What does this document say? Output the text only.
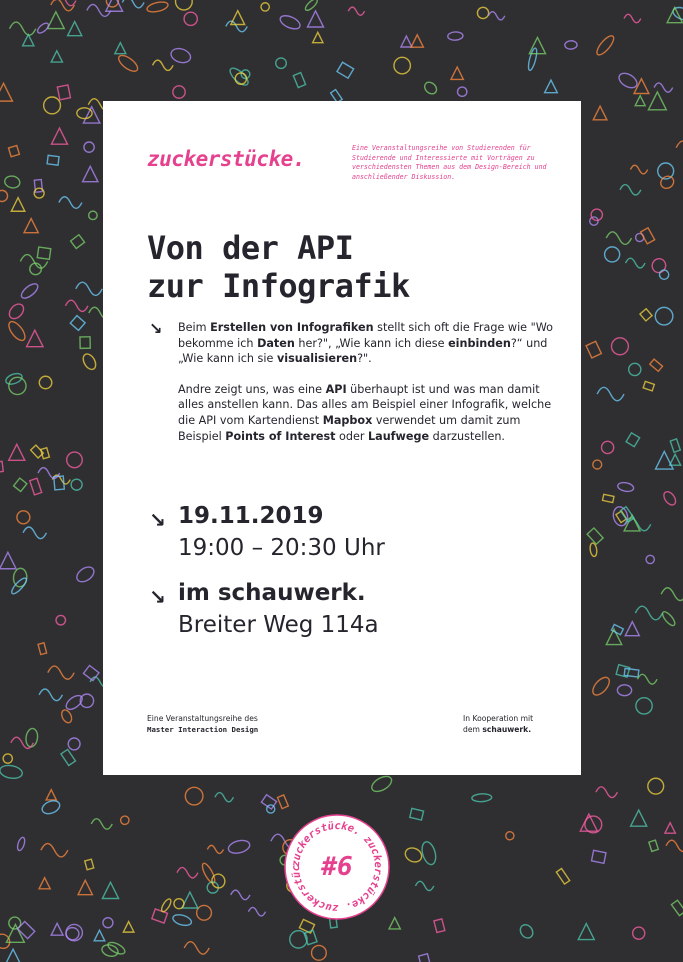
zuckerstücke.	Eine Veranstaltungsreihe von Studierenden für Studierende und Interessierte mit Vorträgen zu verschiedensten Themen aus dem Design-Bereich und anschließender Diskussion.
Von der API
zur Infografik
↘ Beim Erstellen von Infografiken stellt sich oft die Frage wie "Wo bekomme ich Daten her?", „Wie kann ich diese einbinden?“ und „Wie kann ich sie visualisieren?".

Andre zeigt uns, was eine API überhaupt ist und was man damit alles anstellen kann. Das alles am Beispiel einer Infografik, welche die API vom Kartendienst Mapbox verwendet um damit zum Beispiel Points of Interest oder Laufwege darzustellen.

↘ 19.11.2019
19:00 – 20:30 Uhr
↘ im schauwerk.
Breiter Weg 114a
Eine Veranstaltungsreihe des
Master Interaction Design
In Kooperation mit
dem schauwerk.
zuckerstücke. zuckerstücke. zuckerstüc #6
